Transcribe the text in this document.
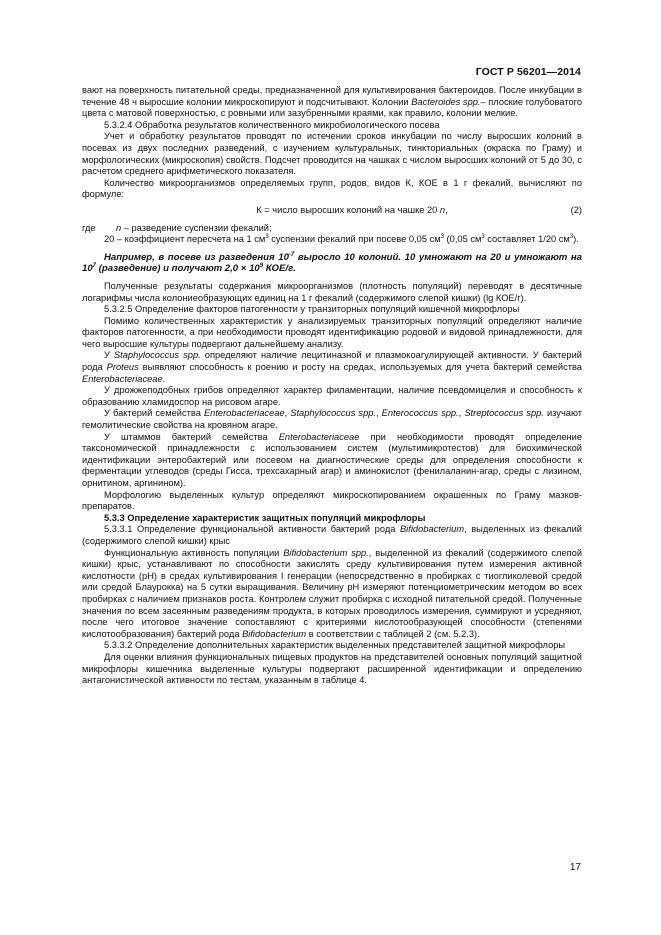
ГОСТ Р 56201—2014

вают на поверхность питательной среды, предназначенной для культивирования бактероидов. После инкубации в течение 48 ч выросшие колонии микроскопируют и подсчитывают. Колонии Bacteroides spp.– плоские голубоватого цвета с матовой поверхностью, с ровными или зазубренными краями, как правило, колонии мелкие.

5.3.2.4 Обработка результатов количественного микробиологического посева

Учет и обработку результатов проводят по истечении сроков инкубации по числу выросших колоний в посевах из двух последних разведений, с изучением культуральных, тинкториальных (окраска по Граму) и морфологических (микроскопия) свойств. Подсчет проводится на чашках с числом выросших колоний от 5 до 30, с расчетом среднего арифметического показателя.

Количество микроорганизмов определяемых групп, родов, видов К, КОЕ в 1 г фекалий, вычисляют по формуле:

К = число выросших колоний на чашке 20 n,	(2)

где	n – разведение суспензии фекалий;

20 – коэффициент пересчета на 1 $см^3$ суспензии фекалий при посеве 0,05 $см^3$ (0,05 $см^3$ составляет 1/20 $см^3$).

Например, в посеве из разведения $10^{-7}$ выросло 10 колоний. 10 умножают на 20 и умножают на $10^7$ (разведение) и получают $2,0 \times 10^9$ КОЕ/г.

Полученные результаты содержания микроорганизмов (плотность популяций) переводят в десятичные логарифмы числа колониеобразующих единиц на 1 г фекалий (содержимого слепой кишки) (lg КОЕ/г).

5.3.2.5 Определение факторов патогенности у транзиторных популяций кишечной микрофлоры

Помимо количественных характеристик у анализируемых транзиторных популяций определяют наличие факторов патогенности, а при необходимости проводят идентификацию родовой и видовой принадлежности, для чего выросшие культуры подвергают дальнейшему анализу.

У Staphylococcus spp. определяют наличие лецитиназной и плазмокоагулирующей активности. У бактерий рода Proteus выявляют способность к роению и росту на средах, используемых для учета бактерий семейства Enterobacteriaceae.

У дрожжеподобных грибов определяют характер филаментации, наличие псевдомицелия и способность к образованию хламидоспор на рисовом агаре.

У бактерий семейства Enterobacteriaceae, Staphylococcus spp., Enterococcus spp., Streptococcus spp. изучают гемолитические свойства на кровяном агаре.

У штаммов бактерий семейства Enterobacteriaceae при необходимости проводят определение таксономической принадлежности с использованием систем (мультимикротестов) для биохимической идентификации энтеробактерий или посевом на диагностические среды для определения способности к ферментации углеводов (среды Гисса, трехсахарный агар) и аминокислот (фенилаланин-агар, среды с лизином, орнитином, аргинином).

Морфологию выделенных культур определяют микроскопированием окрашенных по Граму мазков-препаратов.

5.3.3 Определение характеристик защитных популяций микрофлоры

5.3.3.1 Определение функциональной активности бактерий рода Bifidobacterium, выделенных из фекалий (содержимого слепой кишки) крыс

Функциональную активность популяции Bifidobacterium spp., выделенной из фекалий (содержимого слепой кишки) крыс, устанавливают по способности закислять среду культивирования путем измерения активной кислотности (рН) в средах культивирования I генерации (непосредственно в пробирках с тиогликолевой средой или средой Блаурокка) на 5 сутки выращивания. Величину рН измеряют потенциометрическим методом во всех пробирках с наличием признаков роста. Контролем служит пробирка с исходной питательной средой. Полученные значения по всем засеянным разведениям продукта, в которых проводилось измерения, суммируют и усредняют, после чего итоговое значение сопоставляют с критериями кислотообразующей способности (степенями кислотообразования) бактерий рода Bifidobacterium в соответствии с таблицей 2 (см. 5.2.3).

5.3.3.2 Определение дополнительных характеристик выделенных представителей защитной микрофлоры

Для оценки влияния функциональных пищевых продуктов на представителей основных популяций защитной микрофлоры кишечника выделенные культуры подвергают расширенной идентификации и определению антагонистической активности по тестам, указанным в таблице 4.

17
